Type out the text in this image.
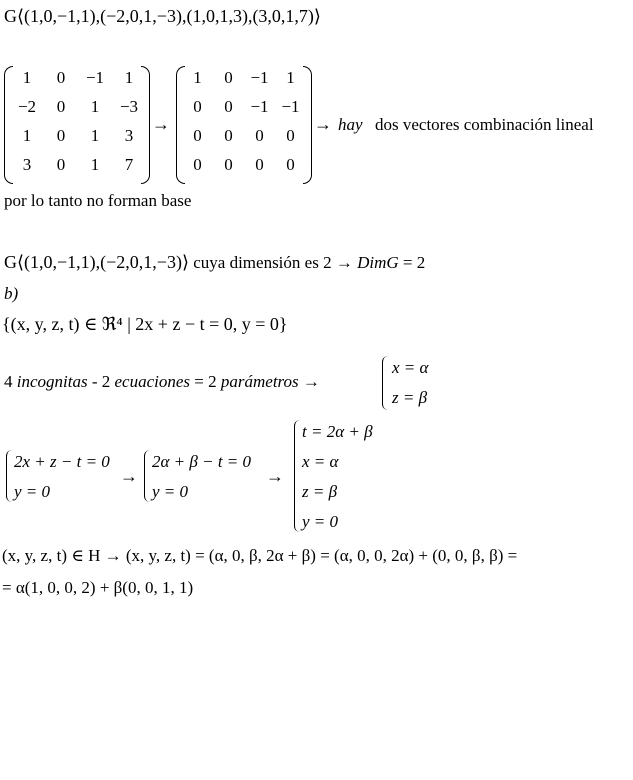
G⟨(1,0,−1,1),(−2,0,1,−3),(1,0,1,3),(3,0,1,7)⟩
1	0	−1	1
−2	0	1	−3
1	0	1	3
3	0	1	7
→
1	0	−1	1
0	0	−1 −1
0	0	0	0
0	0	0	0
→ hay dos vectores combinación lineal
por lo tanto no forman base
G⟨(1,0,−1,1),(−2,0,1,−3)⟩ cuya dimensión es 2 → DimG = 2
b)
{(x, y, z, t) ∈ ℜ⁴ | 2x + z − t = 0, y = 0}
4 incognitas - 2 ecuaciones = 2 parámetros →
x = α
z = β
2x + z − t = 0
y = 0
→
2α + β − t = 0
y = 0
→
t = 2α + β
x = α
z = β
y = 0
(x, y, z, t) ∈ H → (x, y, z, t) = (α, 0, β, 2α + β) = (α, 0, 0, 2α) + (0, 0, β, β) =
= α(1, 0, 0, 2) + β(0, 0, 1, 1)
